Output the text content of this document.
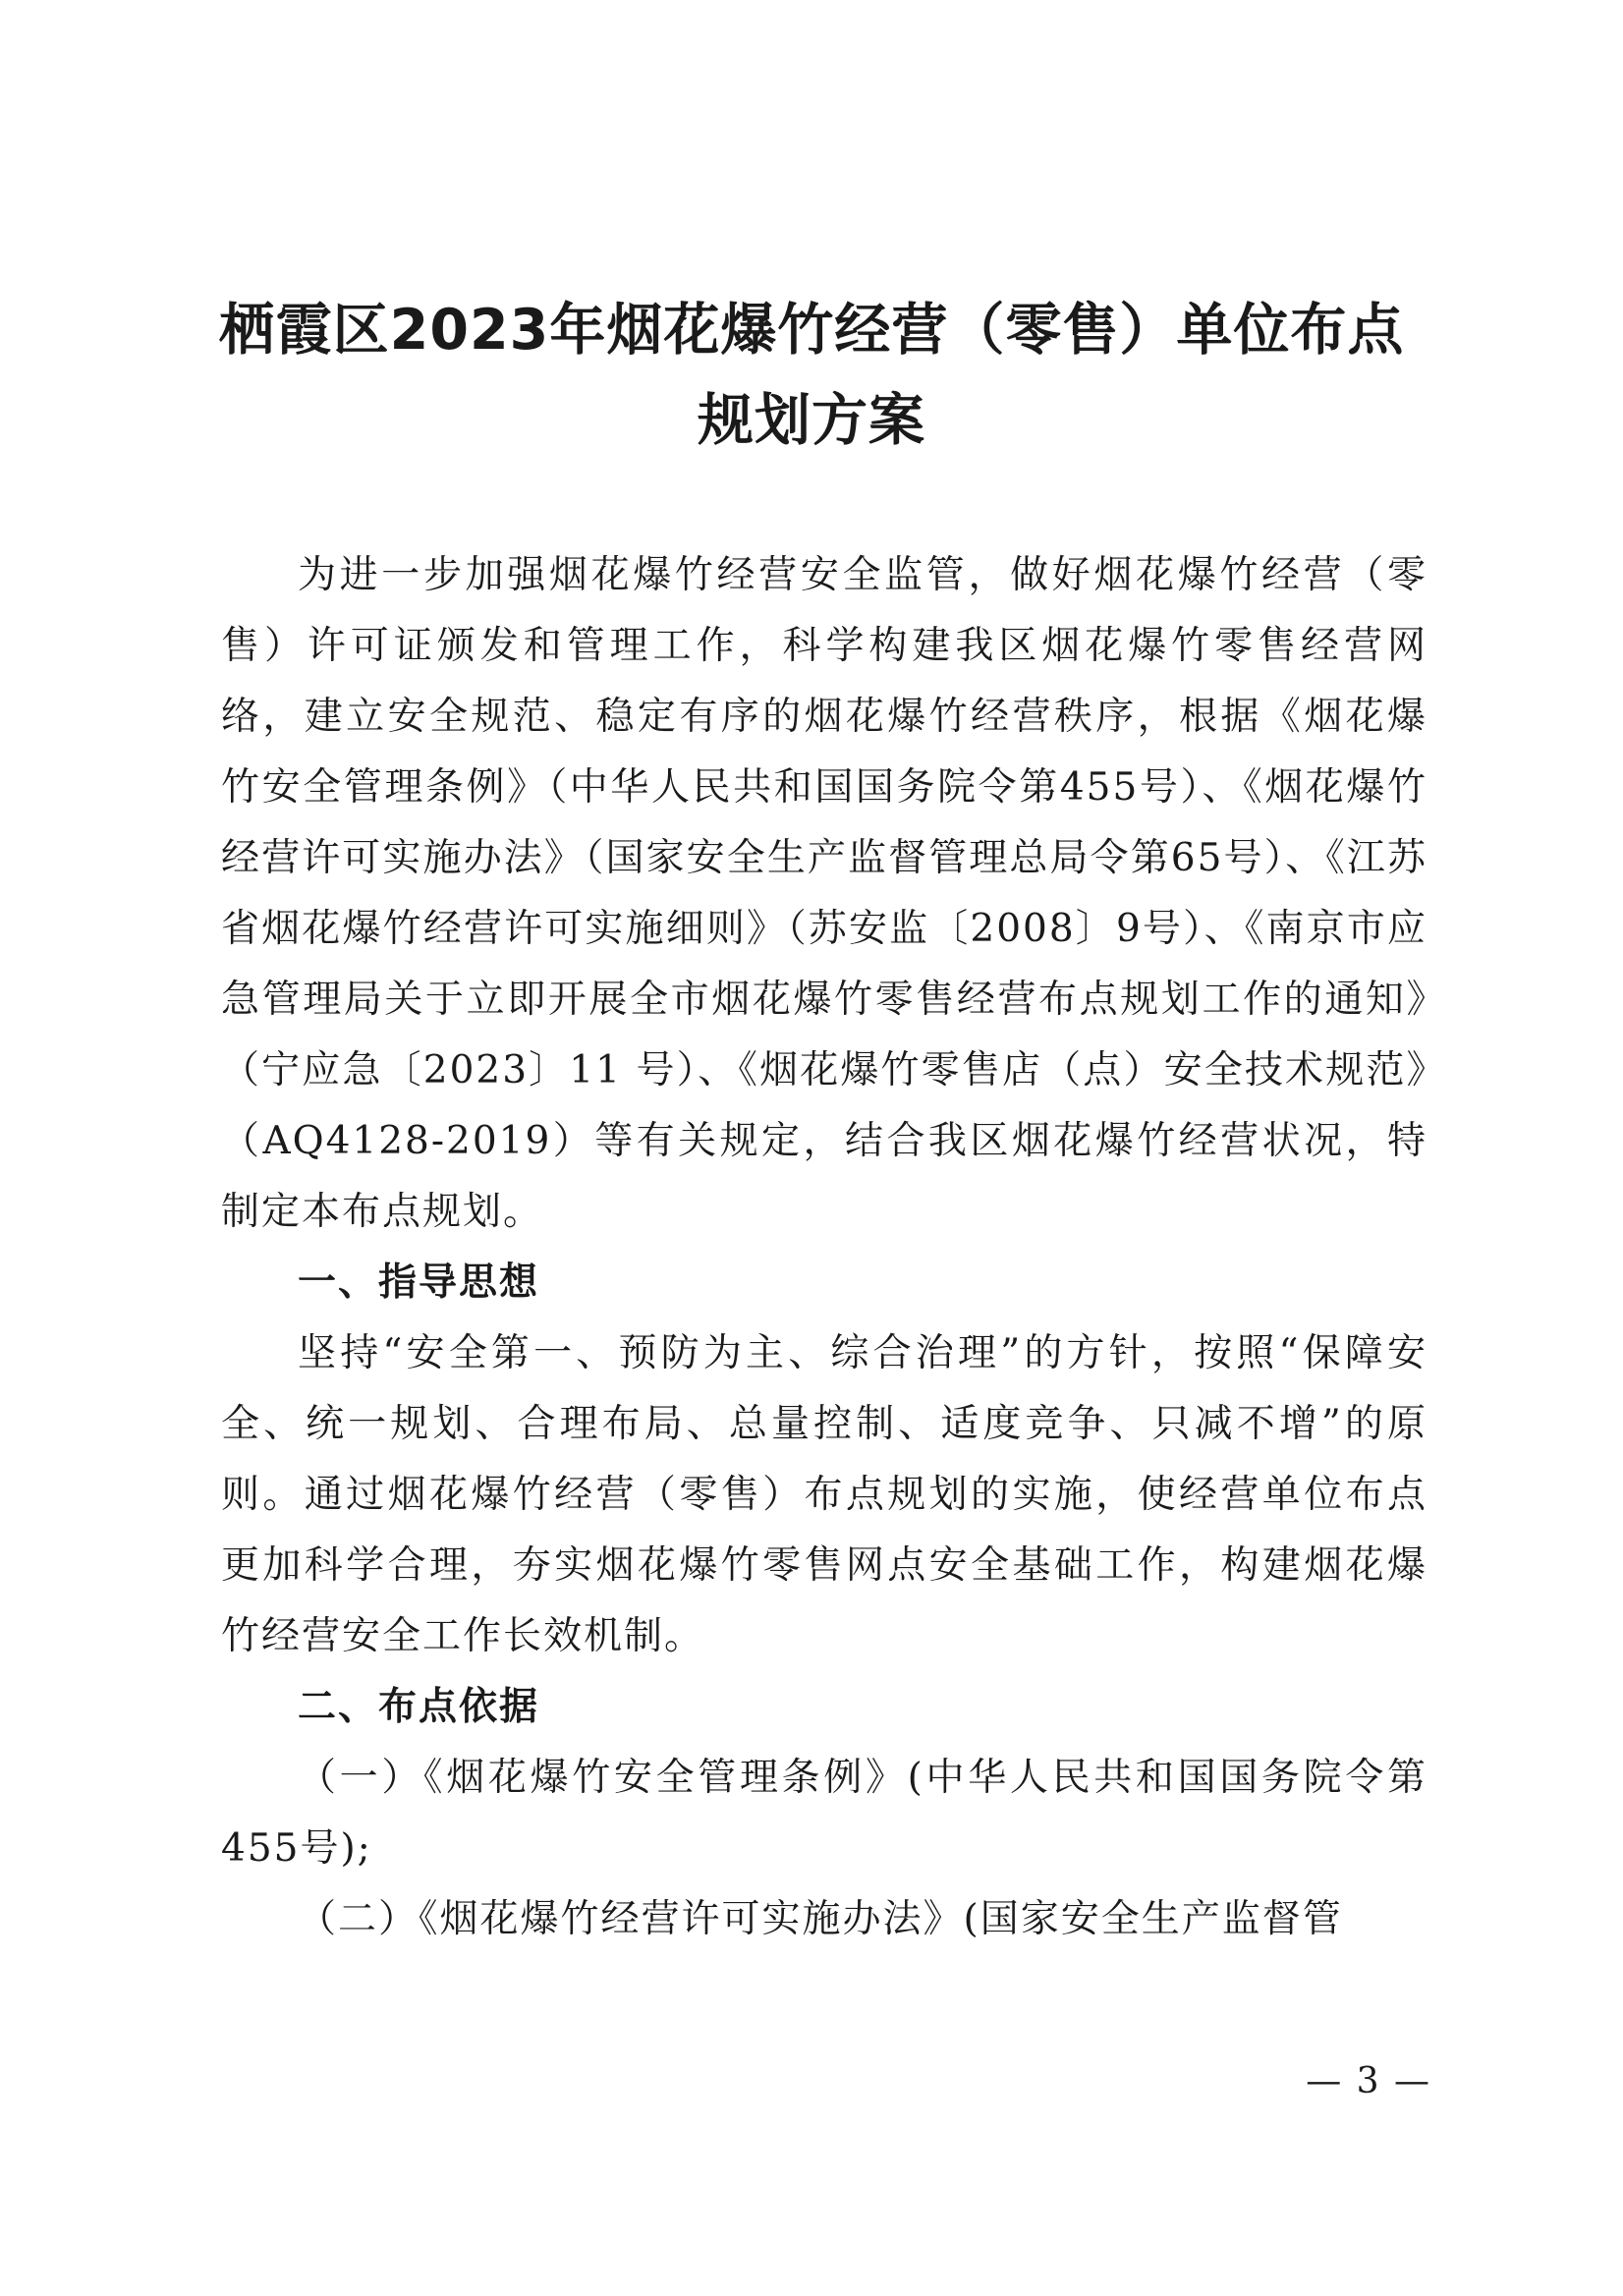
栖霞区2023年烟花爆竹经营（零售）单位布点
规划方案

为进一步加强烟花爆竹经营安全监管，做好烟花爆竹经营（零售）许可证颁发和管理工作，科学构建我区烟花爆竹零售经营网络，建立安全规范、稳定有序的烟花爆竹经营秩序，根据《烟花爆竹安全管理条例》（中华人民共和国国务院令第455号）、《烟花爆竹经营许可实施办法》（国家安全生产监督管理总局令第65号）、《江苏省烟花爆竹经营许可实施细则》（苏安监〔2008〕9号）、《南京市应急管理局关于立即开展全市烟花爆竹零售经营布点规划工作的通知》（宁应急〔2023〕11 号）、《烟花爆竹零售店（点）安全技术规范》（AQ4128-2019）等有关规定，结合我区烟花爆竹经营状况，特制定本布点规划。

一、指导思想

坚持“安全第一、预防为主、综合治理”的方针，按照“保障安全、统一规划、合理布局、总量控制、适度竞争、只减不增”的原则。通过烟花爆竹经营（零售）布点规划的实施，使经营单位布点更加科学合理，夯实烟花爆竹零售网点安全基础工作，构建烟花爆竹经营安全工作长效机制。

二、布点依据

（一）《烟花爆竹安全管理条例》(中华人民共和国国务院令第455号);

（二）《烟花爆竹经营许可实施办法》(国家安全生产监督管

— 3 —
